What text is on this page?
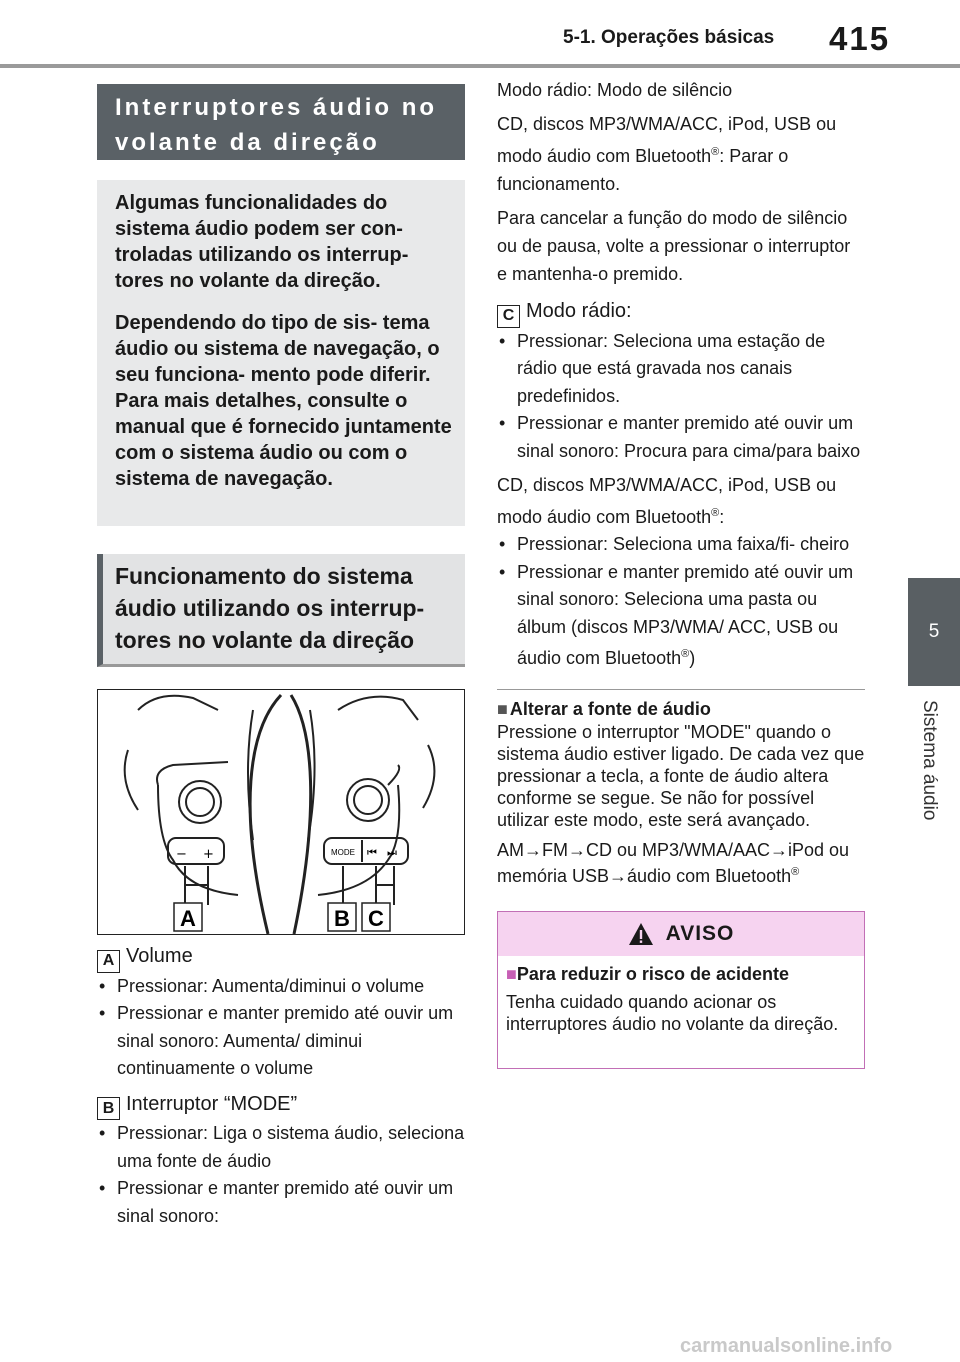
5-1. Operações básicas 415
5
Sistema áudio
Interruptores áudio no volante da direção

Algumas funcionalidades do sistema áudio podem ser con- troladas utilizando os interrup- tores no volante da direção.

Dependendo do tipo de sis- tema áudio ou sistema de navegação, o seu funciona- mento pode diferir. Para mais detalhes, consulte o manual que é fornecido juntamente com o sistema áudio ou com o sistema de navegação.

Funcionamento do sistema áudio utilizando os interrup- tores no volante da direção
− +	MODE ⏮ ⏭
A	B C
A Volume
• Pressionar: Aumenta/diminui o volume
• Pressionar e manter premido até ouvir um sinal sonoro: Aumenta/ diminui continuamente o volume
B Interruptor “MODE”
• Pressionar: Liga o sistema áudio, seleciona uma fonte de áudio
• Pressionar e manter premido até ouvir um sinal sonoro:

Modo rádio: Modo de silêncio

CD, discos MP3/WMA/ACC, iPod, USB ou modo áudio com Bluetooth®: Parar o funcionamento.

Para cancelar a função do modo de silêncio ou de pausa, volte a pressionar o interruptor e mantenha-o premido.

C Modo rádio:
• Pressionar: Seleciona uma estação de rádio que está gravada nos canais predefinidos.
• Pressionar e manter premido até ouvir um sinal sonoro: Procura para cima/para baixo

CD, discos MP3/WMA/ACC, iPod, USB ou modo áudio com Bluetooth®:

• Pressionar: Seleciona uma faixa/fi- cheiro
• Pressionar e manter premido até ouvir um sinal sonoro: Seleciona uma pasta ou álbum (discos MP3/WMA/ ACC, USB ou áudio com Bluetooth®)

■ Alterar a fonte de áudio

Pressione o interruptor "MODE" quando o sistema áudio estiver ligado. De cada vez que pressionar a tecla, a fonte de áudio altera conforme se segue. Se não for possível utilizar este modo, este será avançado.

AM→FM→CD ou MP3/WMA/AAC→iPod ou memória USB→áudio com Bluetooth®

AVISO

■Para reduzir o risco de acidente

Tenha cuidado quando acionar os interruptores áudio no volante da direção.

carmanualsonline.info
